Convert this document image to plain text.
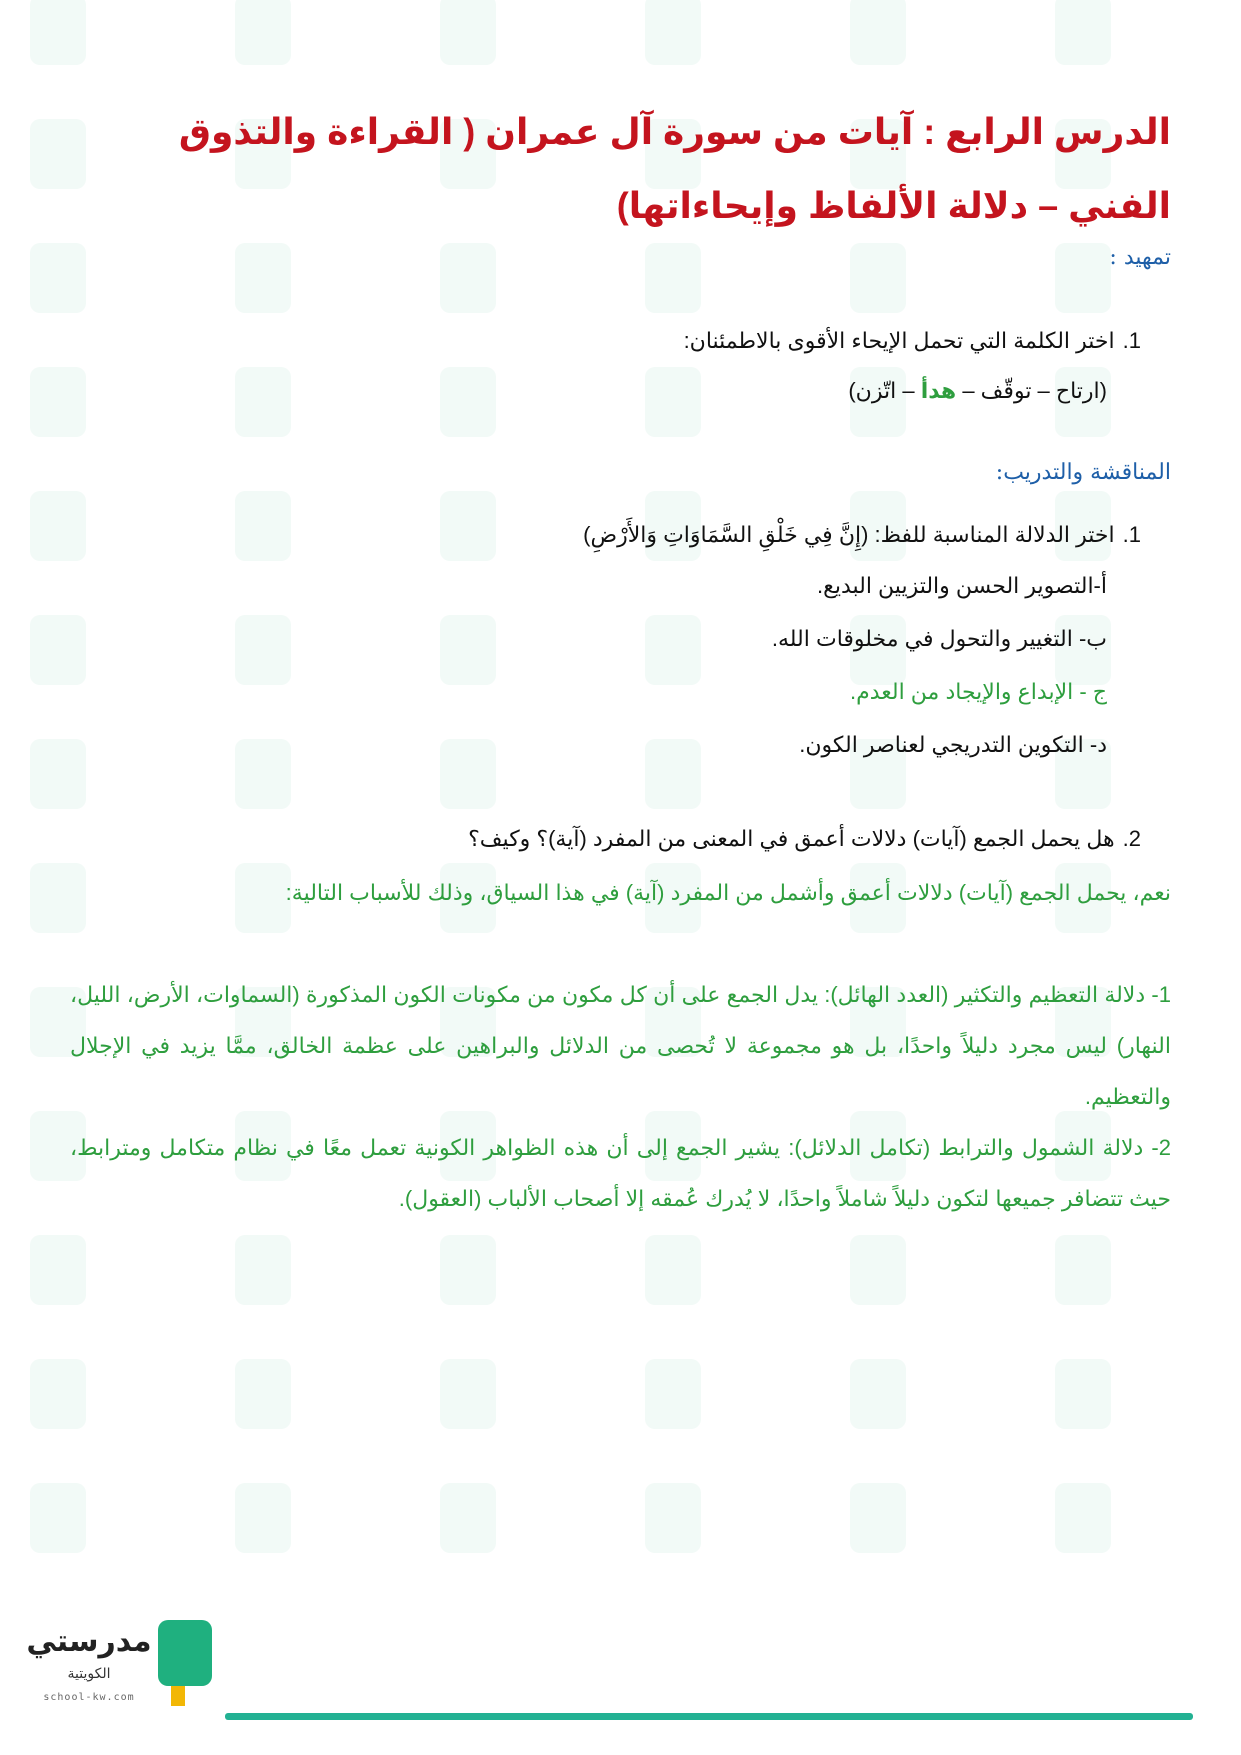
الدرس الرابع : آيات من سورة آل عمران ( القراءة والتذوق الفني – دلالة الألفاظ وإيحاءاتها)
تمهيد :
1.اختر الكلمة التي تحمل الإيحاء الأقوى بالاطمئنان:
(ارتاح – توقّف – هدأ – اتّزن)
المناقشة والتدريب:
1.اختر الدلالة المناسبة للفظ: (إِنَّ فِي خَلْقِ السَّمَاوَاتِ وَالأَرْضِ)
أ-التصوير الحسن والتزيين البديع.
ب- التغيير والتحول في مخلوقات الله.
ج - الإبداع والإيجاد من العدم.
د- التكوين التدريجي لعناصر الكون.
2.هل يحمل الجمع (آيات) دلالات أعمق في المعنى من المفرد (آية)؟ وكيف؟
نعم، يحمل الجمع (آيات) دلالات أعمق وأشمل من المفرد (آية) في هذا السياق، وذلك للأسباب التالية:
1- دلالة التعظيم والتكثير (العدد الهائل): يدل الجمع على أن كل مكون من مكونات الكون المذكورة (السماوات، الأرض، الليل، النهار) ليس مجرد دليلاً واحدًا، بل هو مجموعة لا تُحصى من الدلائل والبراهين على عظمة الخالق، ممَّا يزيد في الإجلال والتعظيم.
2- دلالة الشمول والترابط (تكامل الدلائل): يشير الجمع إلى أن هذه الظواهر الكونية تعمل معًا في نظام متكامل ومترابط، حيث تتضافر جميعها لتكون دليلاً شاملاً واحدًا، لا يُدرك عُمقه إلا أصحاب الألباب (العقول).
مدرستي
الكويتية
school-kw.com
